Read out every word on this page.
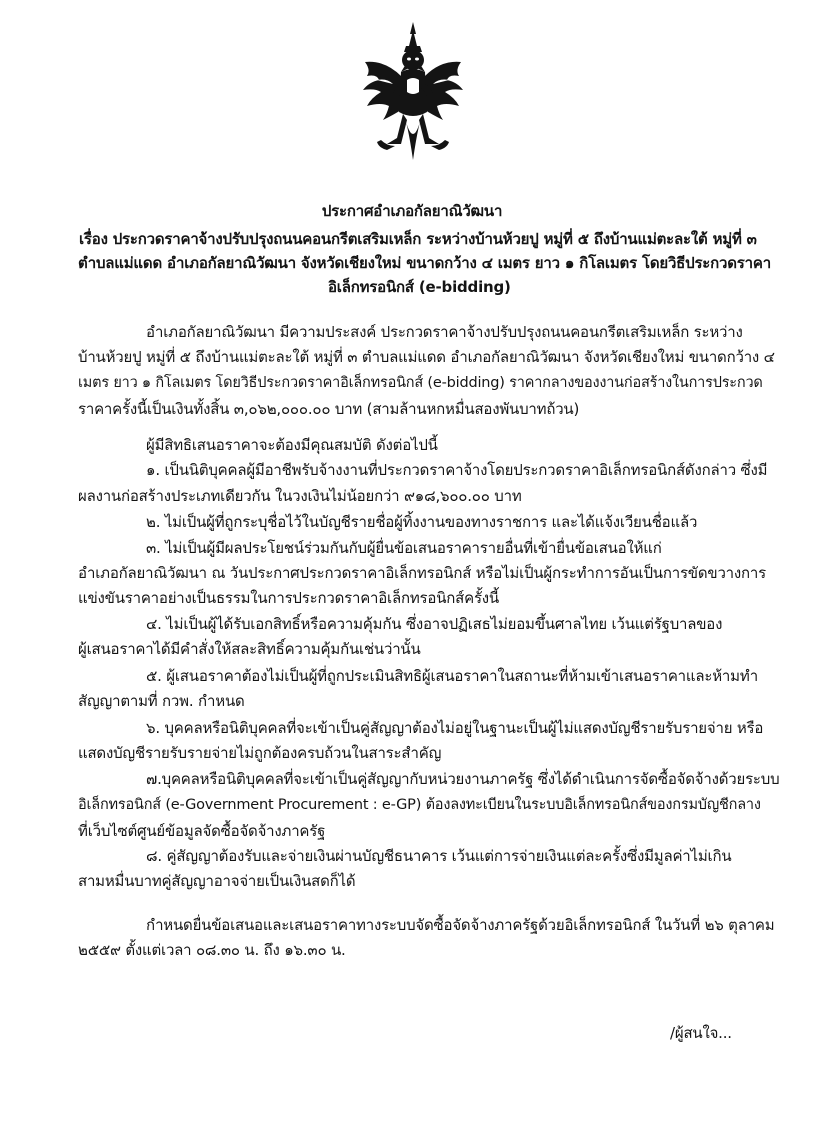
ประกาศอำเภอกัลยาณิวัฒนา
เรื่อง ประกวดราคาจ้างปรับปรุงถนนคอนกรีตเสริมเหล็ก ระหว่างบ้านห้วยปู หมู่ที่ ๕ ถึงบ้านแม่ตะละใต้ หมู่ที่ ๓
ตำบลแม่แดด อำเภอกัลยาณิวัฒนา จังหวัดเชียงใหม่ ขนาดกว้าง ๔ เมตร ยาว ๑ กิโลเมตร โดยวิธีประกวดราคา
อิเล็กทรอนิกส์ (e-bidding)
อำเภอกัลยาณิวัฒนา มีความประสงค์ ประกวดราคาจ้างปรับปรุงถนนคอนกรีตเสริมเหล็ก ระหว่าง
บ้านห้วยปู หมู่ที่ ๕ ถึงบ้านแม่ตะละใต้ หมู่ที่ ๓ ตำบลแม่แดด อำเภอกัลยาณิวัฒนา จังหวัดเชียงใหม่ ขนาดกว้าง ๔
เมตร ยาว ๑ กิโลเมตร โดยวิธีประกวดราคาอิเล็กทรอนิกส์ (e-bidding) ราคากลางของงานก่อสร้างในการประกวด
ราคาครั้งนี้เป็นเงินทั้งสิ้น ๓,๐๖๒,๐๐๐.๐๐ บาท (สามล้านหกหมื่นสองพันบาทถ้วน)
ผู้มีสิทธิเสนอราคาจะต้องมีคุณสมบัติ ดังต่อไปนี้
๑. เป็นนิติบุคคลผู้มีอาชีพรับจ้างงานที่ประกวดราคาจ้างโดยประกวดราคาอิเล็กทรอนิกส์ดังกล่าว ซึ่งมี
ผลงานก่อสร้างประเภทเดียวกัน ในวงเงินไม่น้อยกว่า ๙๑๘,๖๐๐.๐๐ บาท
๒. ไม่เป็นผู้ที่ถูกระบุชื่อไว้ในบัญชีรายชื่อผู้ทิ้งงานของทางราชการ และได้แจ้งเวียนชื่อแล้ว
๓. ไม่เป็นผู้มีผลประโยชน์ร่วมกันกับผู้ยื่นข้อเสนอราคารายอื่นที่เข้ายื่นข้อเสนอให้แก่
อำเภอกัลยาณิวัฒนา ณ วันประกาศประกวดราคาอิเล็กทรอนิกส์ หรือไม่เป็นผู้กระทำการอันเป็นการขัดขวางการ
แข่งขันราคาอย่างเป็นธรรมในการประกวดราคาอิเล็กทรอนิกส์ครั้งนี้
๔. ไม่เป็นผู้ได้รับเอกสิทธิ์หรือความคุ้มกัน ซึ่งอาจปฏิเสธไม่ยอมขึ้นศาลไทย เว้นแต่รัฐบาลของ
ผู้เสนอราคาได้มีคำสั่งให้สละสิทธิ์ความคุ้มกันเช่นว่านั้น
๕. ผู้เสนอราคาต้องไม่เป็นผู้ที่ถูกประเมินสิทธิผู้เสนอราคาในสถานะที่ห้ามเข้าเสนอราคาและห้ามทำ
สัญญาตามที่ กวพ. กำหนด
๖. บุคคลหรือนิติบุคคลที่จะเข้าเป็นคู่สัญญาต้องไม่อยู่ในฐานะเป็นผู้ไม่แสดงบัญชีรายรับรายจ่าย หรือ
แสดงบัญชีรายรับรายจ่ายไม่ถูกต้องครบถ้วนในสาระสำคัญ
๗.บุคคลหรือนิติบุคคลที่จะเข้าเป็นคู่สัญญากับหน่วยงานภาครัฐ ซึ่งได้ดำเนินการจัดซื้อจัดจ้างด้วยระบบ
อิเล็กทรอนิกส์ (e-Government Procurement : e-GP) ต้องลงทะเบียนในระบบอิเล็กทรอนิกส์ของกรมบัญชีกลาง
ที่เว็บไซต์ศูนย์ข้อมูลจัดซื้อจัดจ้างภาครัฐ
๘. คู่สัญญาต้องรับและจ่ายเงินผ่านบัญชีธนาคาร เว้นแต่การจ่ายเงินแต่ละครั้งซึ่งมีมูลค่าไม่เกิน
สามหมื่นบาทคู่สัญญาอาจจ่ายเป็นเงินสดก็ได้
กำหนดยื่นข้อเสนอและเสนอราคาทางระบบจัดซื้อจัดจ้างภาครัฐด้วยอิเล็กทรอนิกส์ ในวันที่ ๒๖ ตุลาคม
๒๕๕๙ ตั้งแต่เวลา ๐๘.๓๐ น. ถึง ๑๖.๓๐ น.
/ผู้สนใจ...
